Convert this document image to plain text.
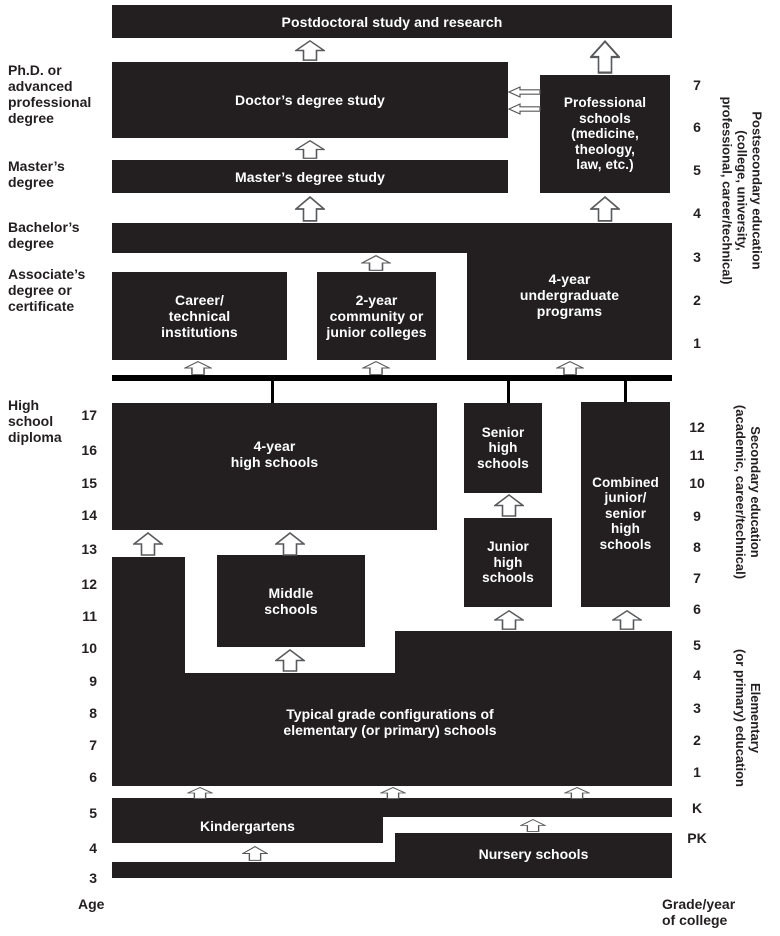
Postdoctoral study and research
Doctor’s degree study	Professional
schools
(medicine,
theology,
law, etc.)
Master’s degree study
4-year
undergraduate
programs
Career/
technical
institutions
2-year
community or
junior colleges
4-year
high schools
Senior
high
schools
Junior
high
schools
Combined
junior/
senior
high
schools
Middle
schools
Typical grade configurations of
elementary (or primary) schools
Kindergartens
Nursery schools
Ph.D. or
advanced
professional
degree
Master’s
degree
Bachelor’s
degree
Associate’s
degree or
certificate
High
school
diploma
Age
Postsecondary education
(college, university,
professional, career/technical)
Secondary education
(academic, career/technical)
Elementary
(or primary) education
Grade/year
of college
17
16
15
14
13
12
11
10
9
8
7
6
5
4
3
7
6
5
4
3
2
1
12
11
10
9
8
7
6
5
4
3
2
1
K
PK
